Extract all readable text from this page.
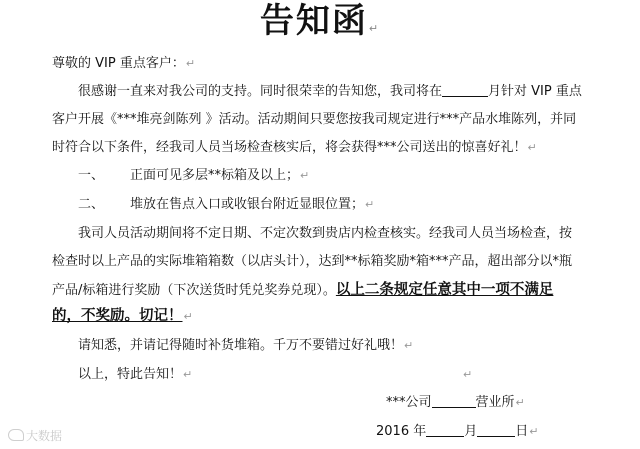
告知函↵
尊敬的 VIP 重点客户：↵
很感谢一直来对我公司的支持。同时很荣幸的告知您，我司将在	月针对 VIP 重点
客户开展《***堆亮剑陈列 》活动。活动期间只要您按我司规定进行***产品水堆陈列，并同
时符合以下条件，经我司人员当场检查核实后，将会获得***公司送出的惊喜好礼！↵
一、 正面可见多层**标箱及以上；↵
二、 堆放在售点入口或收银台附近显眼位置；↵
我司人员活动期间将不定日期、不定次数到贵店内检查核实。经我司人员当场检查，按
检查时以上产品的实际堆箱箱数（以店头计），达到**标箱奖励*箱***产品，超出部分以*瓶
产品/标箱进行奖励（下次送货时凭兑奖券兑现）。以上二条规定任意其中一项不满足
的，不奖励。切记！↵
请知悉，并请记得随时补货堆箱。千万不要错过好礼哦！↵
以上，特此告知！↵	↵
***公司	营业所↵
2016 年	月	日↵
大数据
